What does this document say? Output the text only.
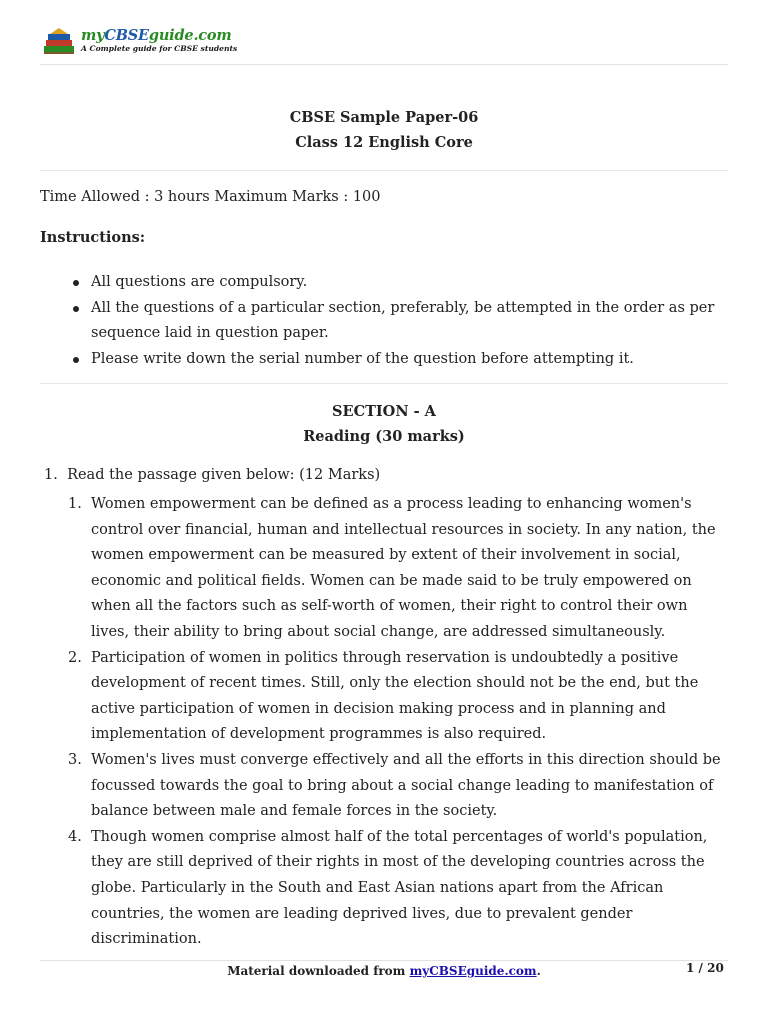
myCBSEguide.com
A Complete guide for CBSE students
CBSE Sample Paper-06
Class 12 English Core
Time Allowed : 3 hours Maximum Marks : 100
Instructions:
All questions are compulsory.
All the questions of a particular section, preferably, be attempted in the order as per sequence laid in question paper.
Please write down the serial number of the question before attempting it.
SECTION - A
Reading (30 marks)
1. Read the passage given below: (12 Marks)
1. Women empowerment can be defined as a process leading to enhancing women's control over financial, human and intellectual resources in society. In any nation, the women empowerment can be measured by extent of their involvement in social, economic and political fields. Women can be made said to be truly empowered on when all the factors such as self-worth of women, their right to control their own lives, their ability to bring about social change, are addressed simultaneously.
2. Participation of women in politics through reservation is undoubtedly a positive development of recent times. Still, only the election should not be the end, but the active participation of women in decision making process and in planning and implementation of development programmes is also required.
3. Women's lives must converge effectively and all the efforts in this direction should be focussed towards the goal to bring about a social change leading to manifestation of balance between male and female forces in the society.
4. Though women comprise almost half of the total percentages of world's population, they are still deprived of their rights in most of the developing countries across the globe. Particularly in the South and East Asian nations apart from the African countries, the women are leading deprived lives, due to prevalent gender discrimination.
Material downloaded from myCBSEguide.com.	1 / 20
